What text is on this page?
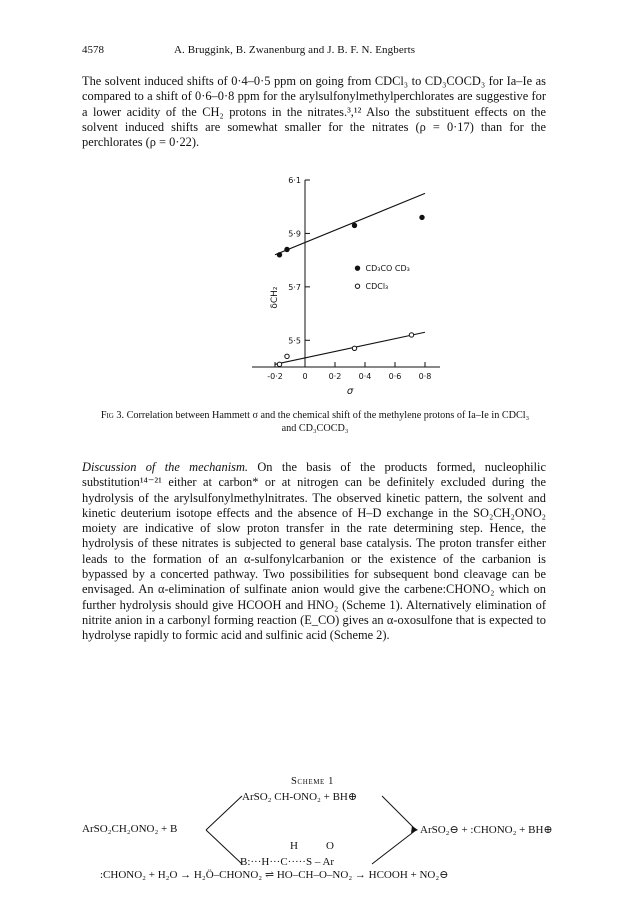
4578	A. Bruggink, B. Zwanenburg and J. B. F. N. Engberts

The solvent induced shifts of 0·4–0·5 ppm on going from CDCl₃ to CD₃COCD₃ for Ia–Ie as compared to a shift of 0·6–0·8 ppm for the arylsulfonylmethylperchlorates are suggestive for a lower acidity of the CH₂ protons in the nitrates.³,¹² Also the substituent effects on the solvent induced shifts are somewhat smaller for the nitrates (ρ = 0·17) than for the perchlorates (ρ = 0·22).

-0·2 0	0·2 0·4 0·6 0·8
5·5
5·7
5·9
6·1
σ
δCH₂
CD₃CO CD₃
CDCl₃
Fig 3. Correlation between Hammett σ and the chemical shift of the methylene protons of Ia–Ie in CDCl₃ and CD₃COCD₃

Discussion of the mechanism. On the basis of the products formed, nucleophilic substitution¹⁴⁻²¹ either at carbon* or at nitrogen can be definitely excluded during the hydrolysis of the arylsulfonylmethylnitrates. The observed kinetic pattern, the solvent and kinetic deuterium isotope effects and the absence of H–D exchange in the SO₂CH₂ONO₂ moiety are indicative of slow proton transfer in the rate determining step. Hence, the hydrolysis of these nitrates is subjected to general base catalysis. The proton transfer either leads to the formation of an α-sulfonylcarbanion or the existence of the carbanion is bypassed by a concerted pathway. Two possibilities for subsequent bond cleavage can be envisaged. An α-elimination of sulfinate anion would give the carbene:CHONO₂ which on further hydrolysis should give HCOOH and HNO₂ (Scheme 1). Alternatively elimination of nitrite anion in a carbonyl forming reaction (E_CO) gives an α-oxosulfone that is expected to hydrolyse rapidly to formic acid and sulfinic acid (Scheme 2).

Scheme 1
ArSO₂CH₂ONO₂ + B
ArSO₂ CH-ONO₂ + BH⊕
ArSO₂⊖ + :CHONO₂ + BH⊕
H	O
B:···H···C·····S – Ar
:CHONO₂ + H₂O → H₂Ö–CHONO₂ ⇌ HO–CH–O–NO₂ → HCOOH + NO₂⊖
